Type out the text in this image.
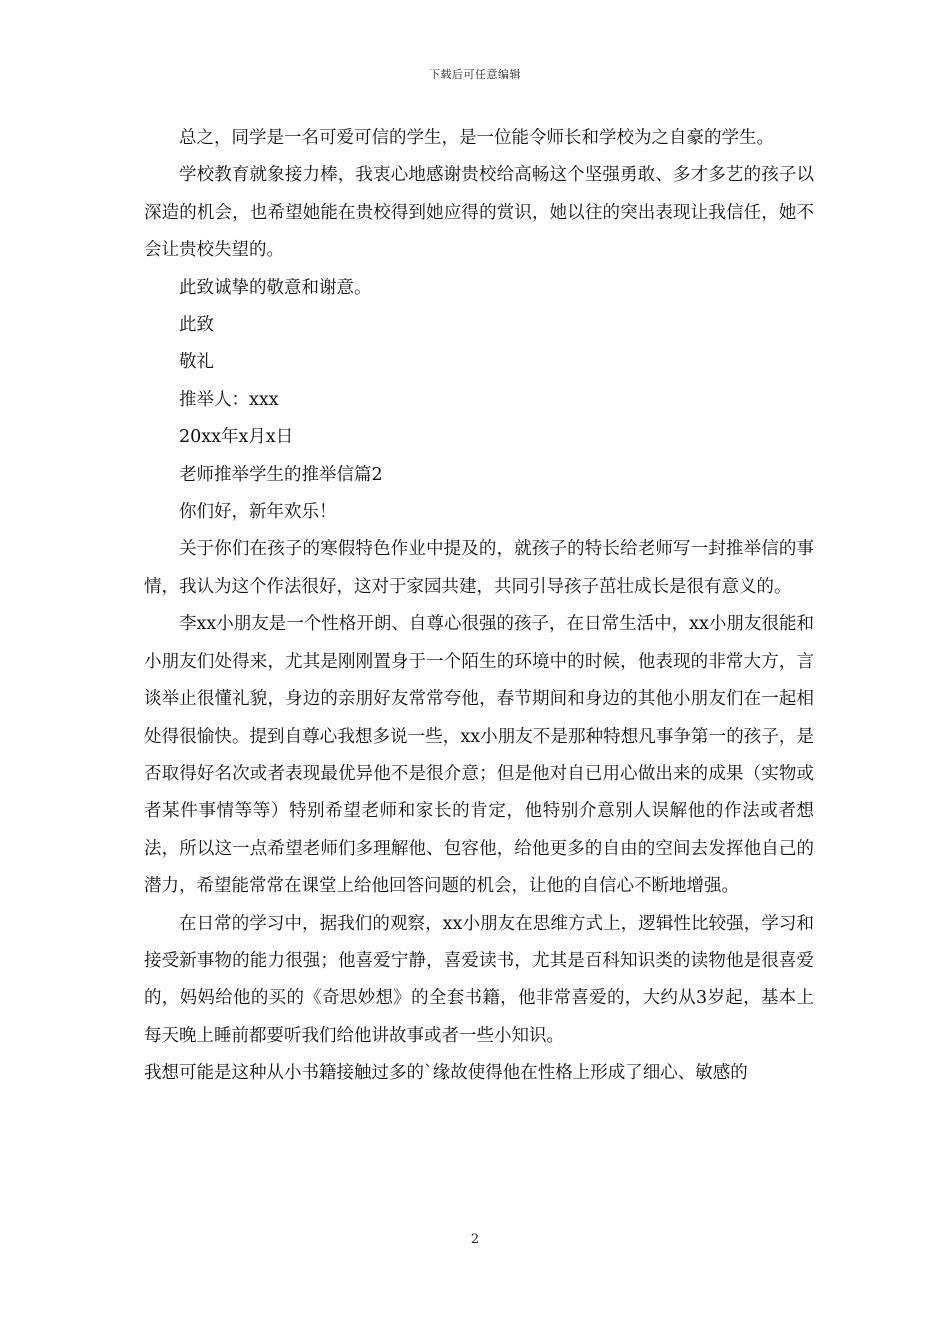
下载后可任意编辑

总之，同学是一名可爱可信的学生，是一位能令师长和学校为之自豪的学生。

学校教育就象接力棒，我衷心地感谢贵校给高畅这个坚强勇敢、多才多艺的孩子以深造的机会，也希望她能在贵校得到她应得的赏识，她以往的突出表现让我信任，她不会让贵校失望的。

此致诚挚的敬意和谢意。

此致

敬礼

推举人：xxx

20xx年x月x日

老师推举学生的推举信篇2

你们好，新年欢乐！

关于你们在孩子的寒假特色作业中提及的，就孩子的特长给老师写一封推举信的事情，我认为这个作法很好，这对于家园共建，共同引导孩子茁壮成长是很有意义的。

李xx小朋友是一个性格开朗、自尊心很强的孩子，在日常生活中，xx小朋友很能和小朋友们处得来，尤其是刚刚置身于一个陌生的环境中的时候，他表现的非常大方，言谈举止很懂礼貌，身边的亲朋好友常常夸他，春节期间和身边的其他小朋友们在一起相处得很愉快。提到自尊心我想多说一些，xx小朋友不是那种特想凡事争第一的孩子，是否取得好名次或者表现最优异他不是很介意；但是他对自已用心做出来的成果（实物或者某件事情等等）特别希望老师和家长的肯定，他特别介意别人误解他的作法或者想法，所以这一点希望老师们多理解他、包容他，给他更多的自由的空间去发挥他自己的潜力，希望能常常在课堂上给他回答问题的机会，让他的自信心不断地增强。

在日常的学习中，据我们的观察，xx小朋友在思维方式上，逻辑性比较强，学习和接受新事物的能力很强；他喜爱宁静，喜爱读书，尤其是百科知识类的读物他是很喜爱的，妈妈给他的买的《奇思妙想》的全套书籍，他非常喜爱的，大约从3岁起，基本上每天晚上睡前都要听我们给他讲故事或者一些小知识。

我想可能是这种从小书籍接触过多的`缘故使得他在性格上形成了细心、敏感的

2
